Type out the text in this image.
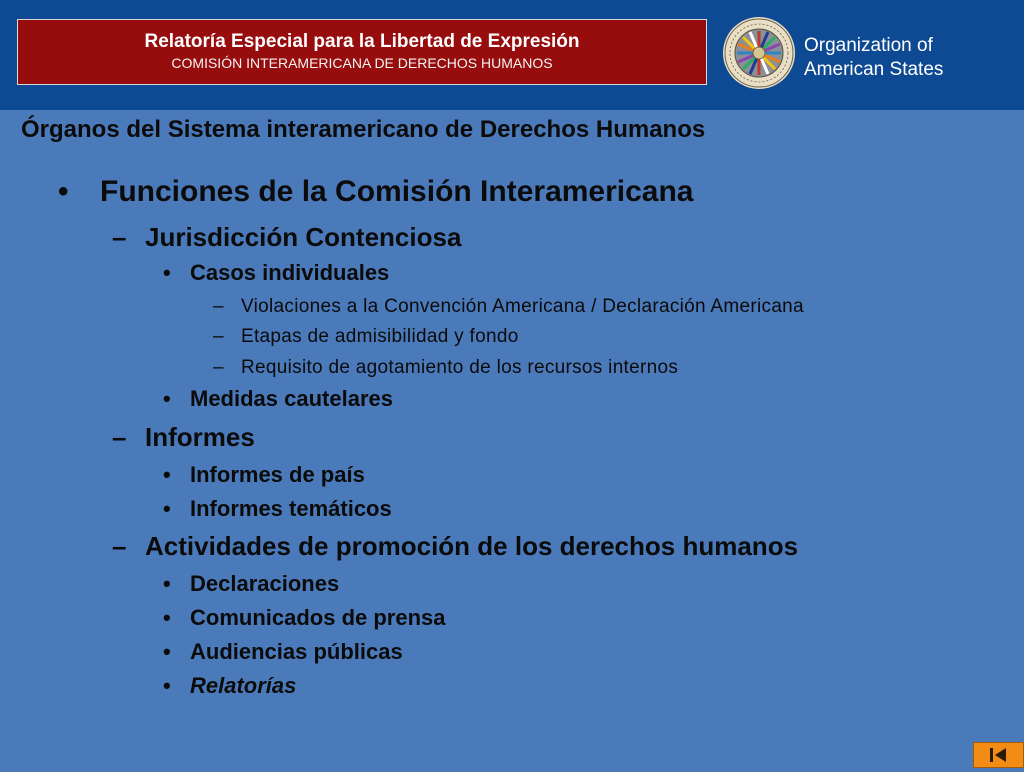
Relatoría Especial para la Libertad de Expresión
COMISIÓN INTERAMERICANA DE DERECHOS HUMANOS
Organization of
American States
Órganos del Sistema interamericano de Derechos Humanos
• Funciones de la Comisión Interamericana
– Jurisdicción Contenciosa
• Casos individuales
– Violaciones a la Convención Americana / Declaración Americana
– Etapas de admisibilidad y fondo
– Requisito de agotamiento de los recursos internos
• Medidas cautelares
– Informes
• Informes de país
• Informes temáticos
– Actividades de promoción de los derechos humanos
• Declaraciones
• Comunicados de prensa
• Audiencias públicas
• Relatorías
